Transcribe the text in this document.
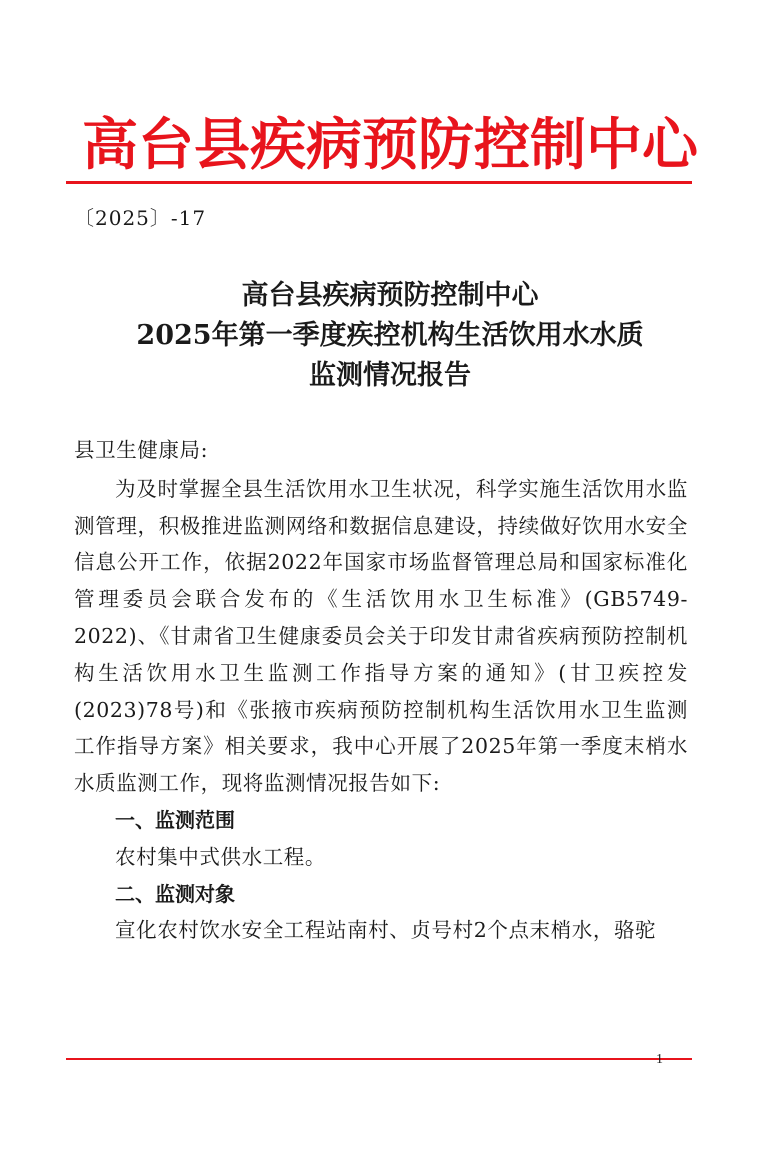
高台县疾病预防控制中心
〔2025〕-17
高台县疾病预防控制中心
2025年第一季度疾控机构生活饮用水水质
监测情况报告
县卫生健康局:
为及时掌握全县生活饮用水卫生状况，科学实施生活饮用水监测管理，积极推进监测网络和数据信息建设，持续做好饮用水安全信息公开工作，依据2022年国家市场监督管理总局和国家标准化管理委员会联合发布的《生活饮用水卫生标准》(GB5749-2022)、《甘肃省卫生健康委员会关于印发甘肃省疾病预防控制机构生活饮用水卫生监测工作指导方案的通知》(甘卫疾控发(2023)78号)和《张掖市疾病预防控制机构生活饮用水卫生监测工作指导方案》相关要求，我中心开展了2025年第一季度末梢水水质监测工作，现将监测情况报告如下:
一、监测范围
农村集中式供水工程。
二、监测对象
宣化农村饮水安全工程站南村、贞号村2个点末梢水，骆驼
1
